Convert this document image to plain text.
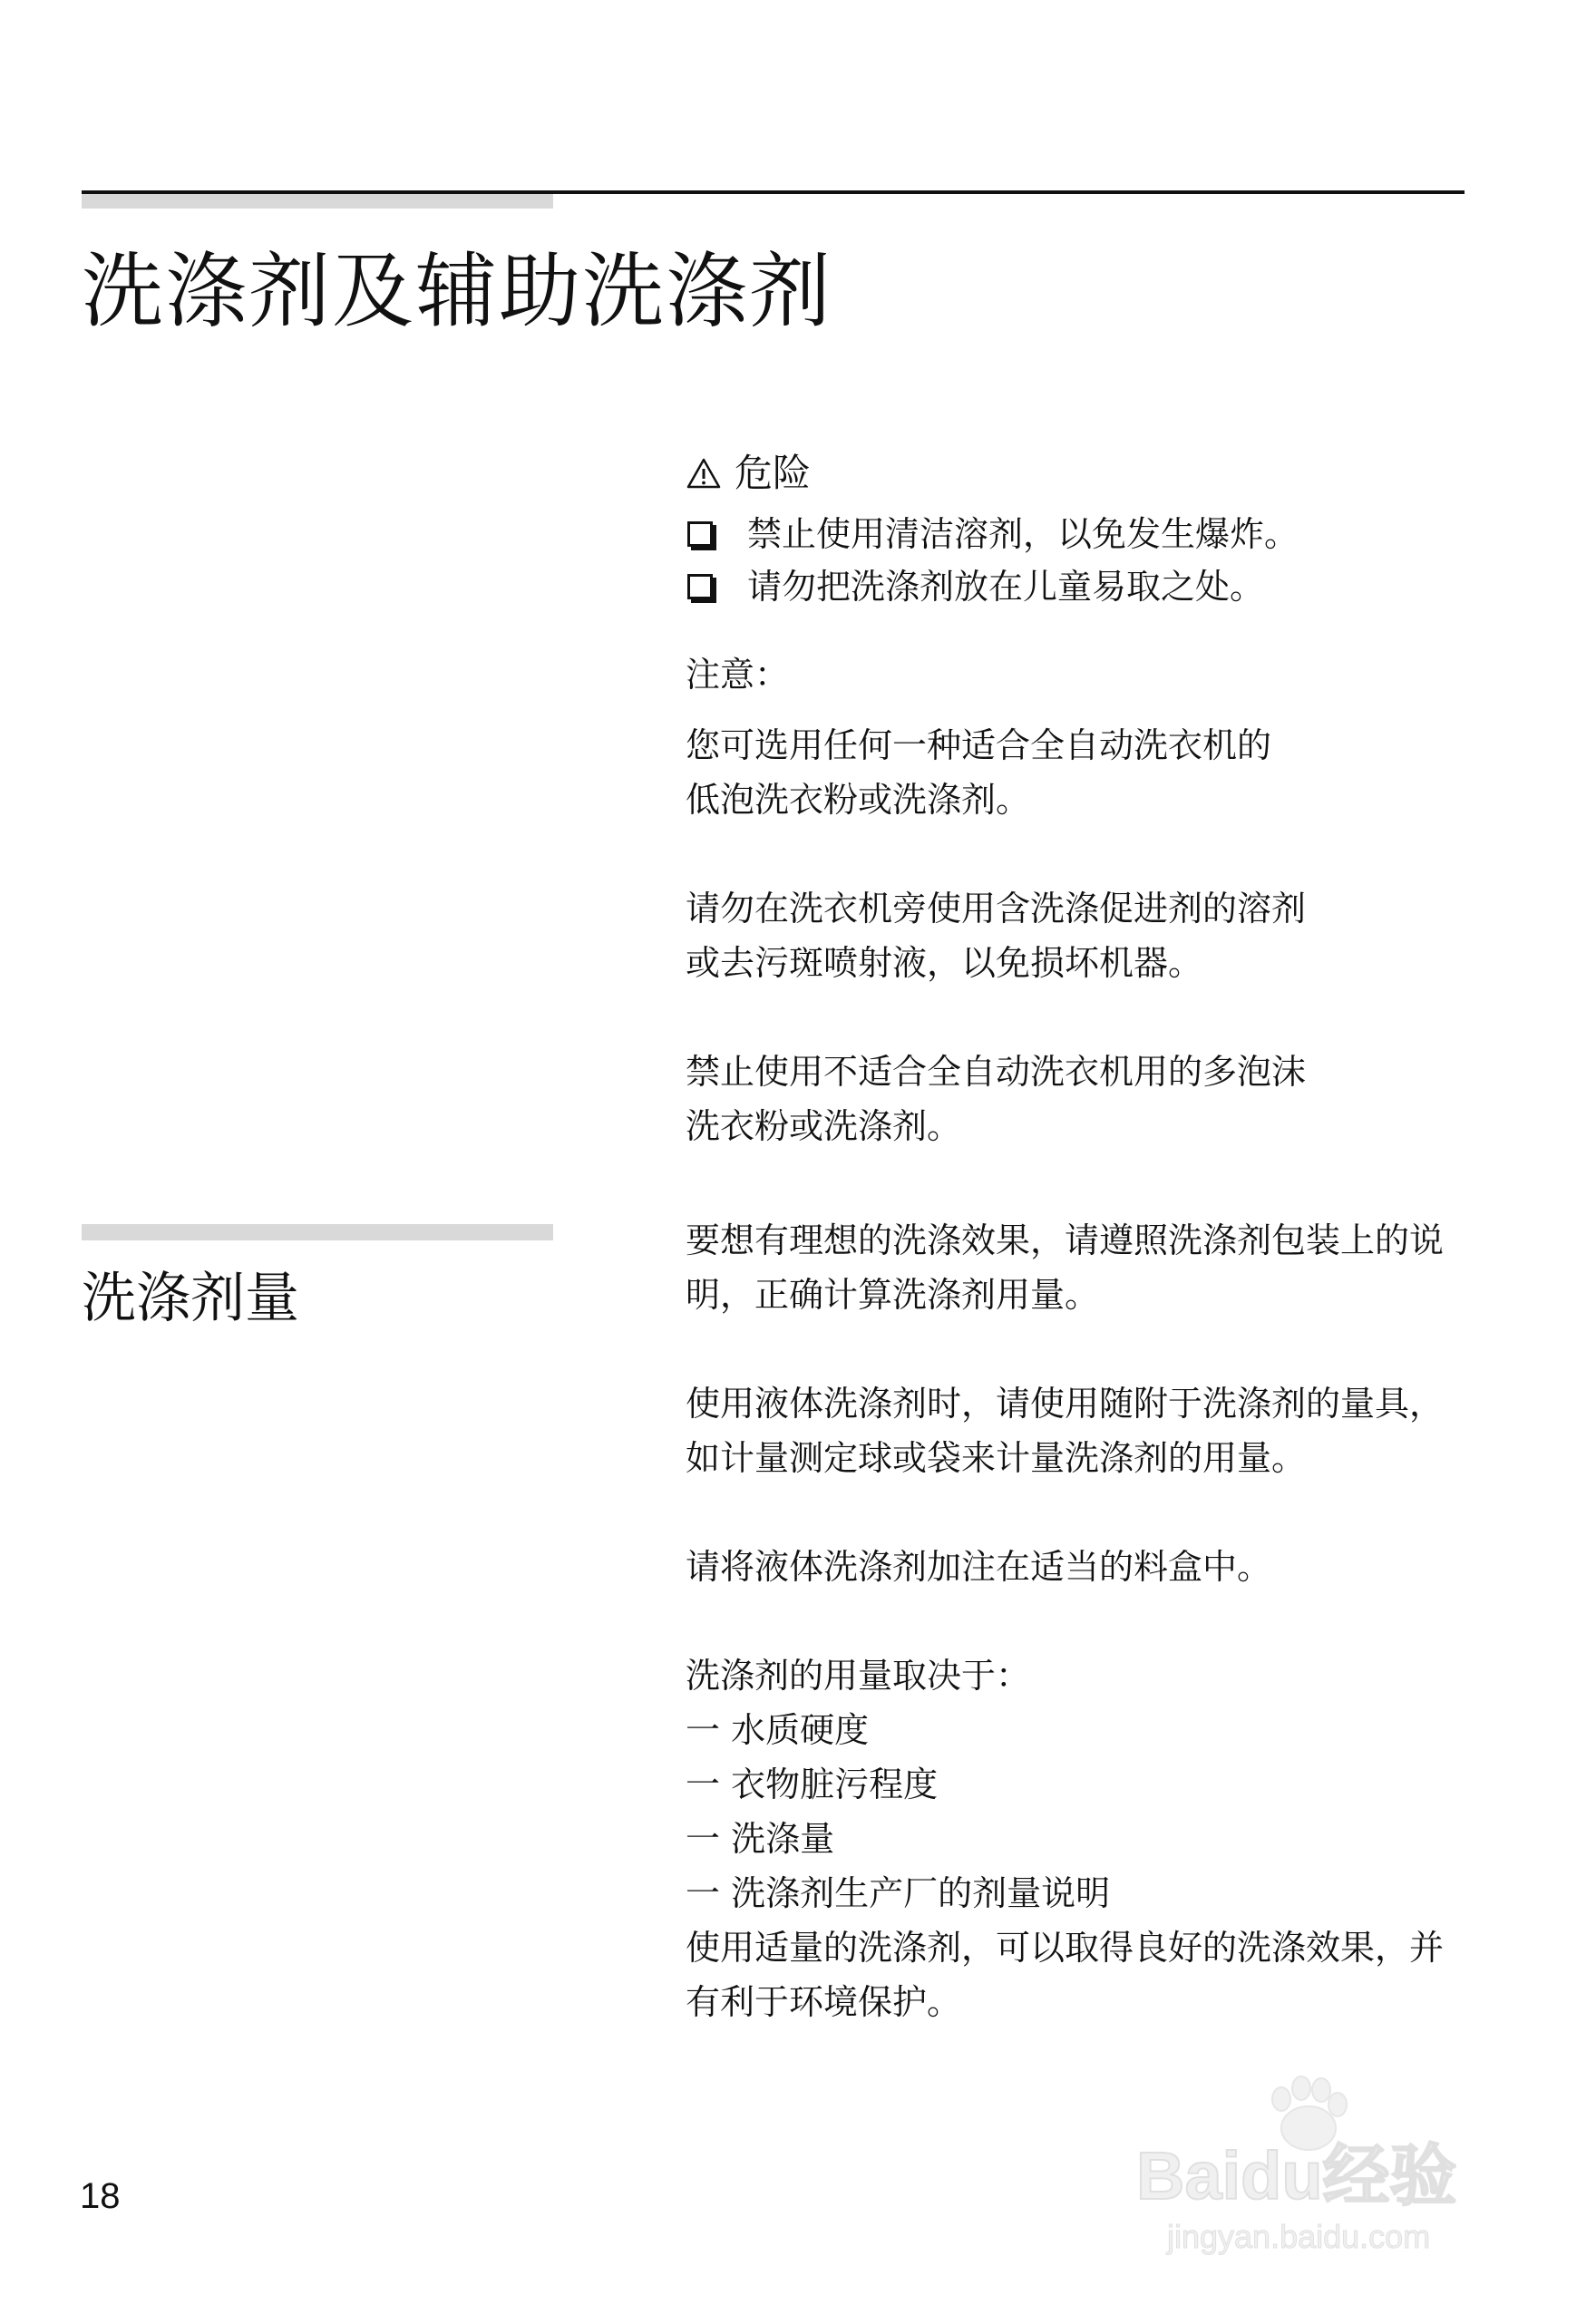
洗涤剂及辅助洗涤剂
洗涤剂量
危险
禁止使用清洁溶剂，以免发生爆炸。
请勿把洗涤剂放在儿童易取之处。
注意：
您可选用任何一种适合全自动洗衣机的
低泡洗衣粉或洗涤剂。
请勿在洗衣机旁使用含洗涤促进剂的溶剂
或去污斑喷射液，以免损坏机器。
禁止使用不适合全自动洗衣机用的多泡沫
洗衣粉或洗涤剂。
要想有理想的洗涤效果，请遵照洗涤剂包装上的说
明，正确计算洗涤剂用量。
使用液体洗涤剂时，请使用随附于洗涤剂的量具，
如计量测定球或袋来计量洗涤剂的用量。
请将液体洗涤剂加注在适当的料盒中。
洗涤剂的用量取决于：
一 水质硬度
一 衣物脏污程度
一 洗涤量
一 洗涤剂生产厂的剂量说明
使用适量的洗涤剂，可以取得良好的洗涤效果，并
有利于环境保护。
18	Baidu经验
jingyan.baidu.com
